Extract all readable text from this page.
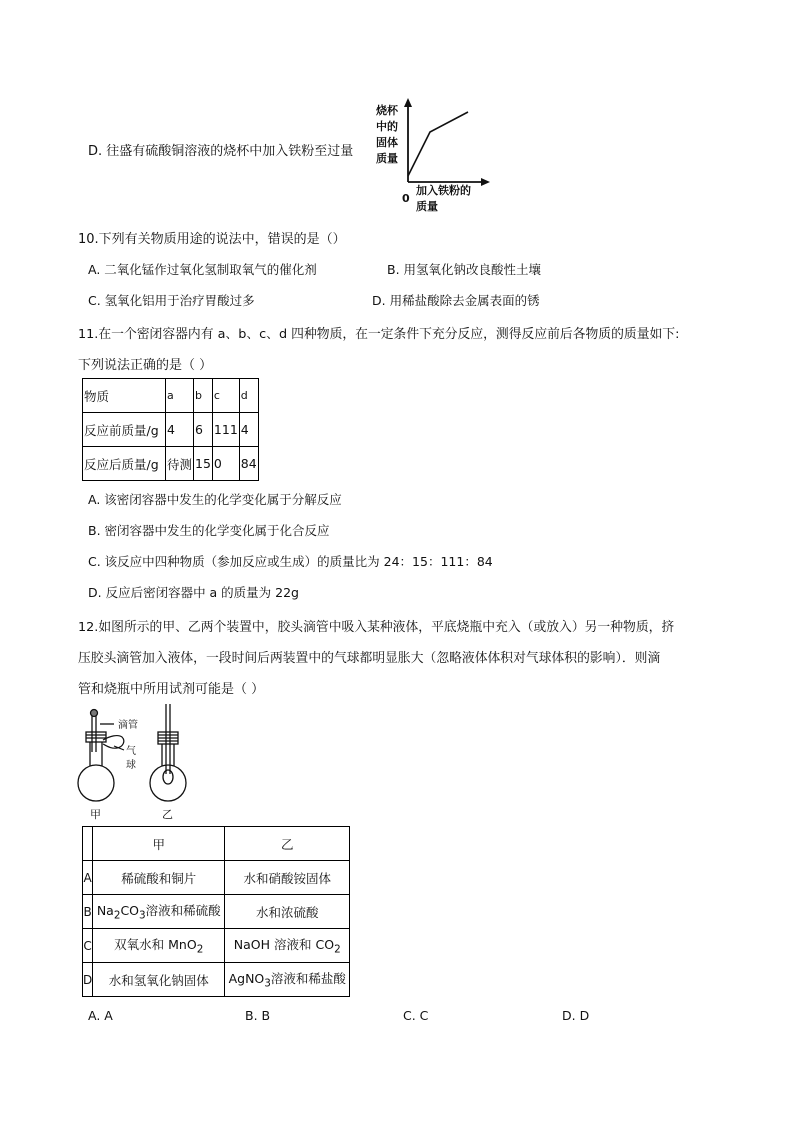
D. 往盛有硫酸铜溶液的烧杯中加入铁粉至过量
烧杯
中的
固体
质量
0
加入铁粉的
质量
10.下列有关物质用途的说法中，错误的是（）
A. 二氧化锰作过氧化氢制取氧气的催化剂	B. 用氢氧化钠改良酸性土壤
C. 氢氧化铝用于治疗胃酸过多	D. 用稀盐酸除去金属表面的锈
11.在一个密闭容器内有 a、b、c、d 四种物质，在一定条件下充分反应，测得反应前后各物质的质量如下:
下列说法正确的是（ ）
物质	a	b	c	d
反应前质量/g	4	6	111	4
反应后质量/g	待测	15	0	84
A. 该密闭容器中发生的化学变化属于分解反应
B. 密闭容器中发生的化学变化属于化合反应
C. 该反应中四种物质（参加反应或生成）的质量比为 24：15：111：84
D. 反应后密闭容器中 a 的质量为 22g
12.如图所示的甲、乙两个装置中，胶头滴管中吸入某种液体，平底烧瓶中充入（或放入）另一种物质，挤
压胶头滴管加入液体，一段时间后两装置中的气球都明显胀大（忽略液体体积对气球体积的影响）．则滴
管和烧瓶中所用试剂可能是（ ）
滴管
气
球
甲	乙
	甲	乙
A	稀硫酸和铜片	水和硝酸铵固体
B	$Na_2CO_3$溶液和稀硫酸	水和浓硫酸
C	双氧水和 MnO$_2$	NaOH 溶液和 $CO_2$
D	水和氢氧化钠固体	AgNO$_3$溶液和稀盐酸
A. A	B. B	C. C	D. D
